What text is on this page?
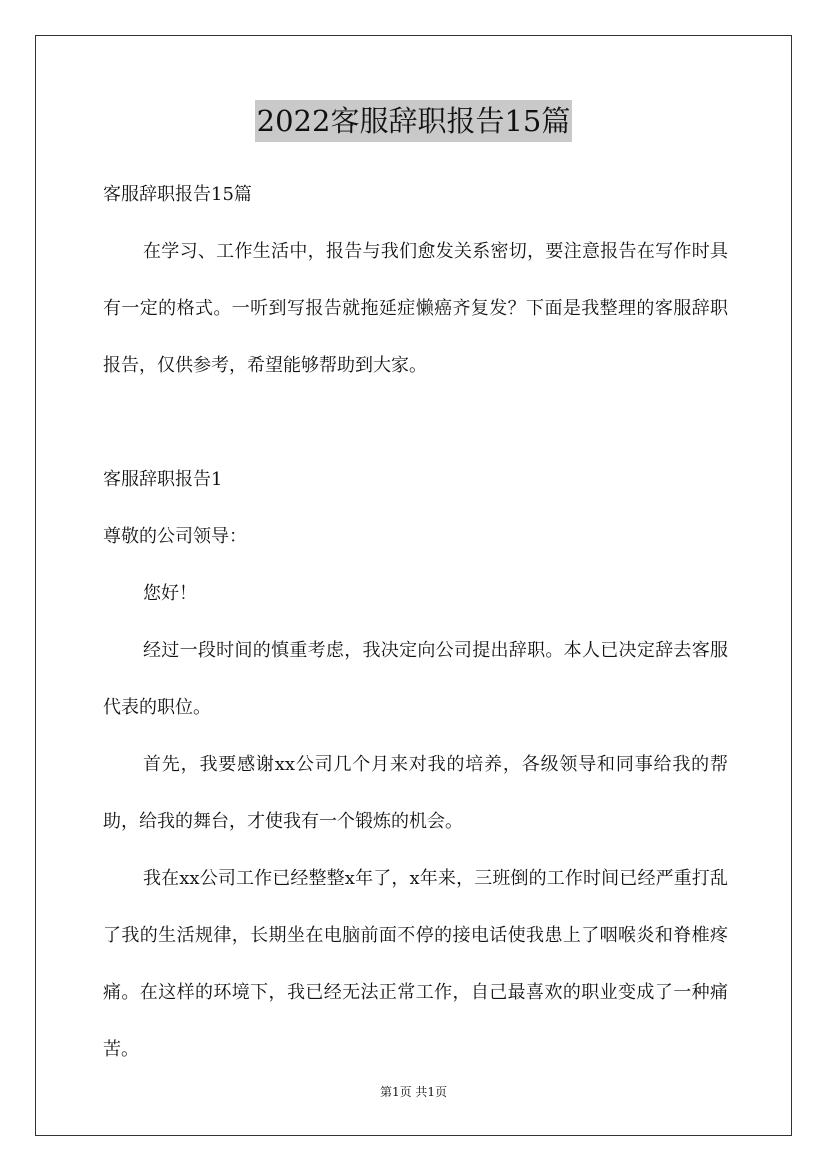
2022客服辞职报告15篇

客服辞职报告15篇

在学习、工作生活中，报告与我们愈发关系密切，要注意报告在写作时具有一定的格式。一听到写报告就拖延症懒癌齐复发？下面是我整理的客服辞职报告，仅供参考，希望能够帮助到大家。

客服辞职报告1

尊敬的公司领导：

您好！

经过一段时间的慎重考虑，我决定向公司提出辞职。本人已决定辞去客服代表的职位。

首先，我要感谢xx公司几个月来对我的培养，各级领导和同事给我的帮助，给我的舞台，才使我有一个锻炼的机会。

我在xx公司工作已经整整x年了，x年来，三班倒的工作时间已经严重打乱了我的生活规律，长期坐在电脑前面不停的接电话使我患上了咽喉炎和脊椎疼痛。在这样的环境下，我已经无法正常工作，自己最喜欢的职业变成了一种痛苦。

第1页 共1页
